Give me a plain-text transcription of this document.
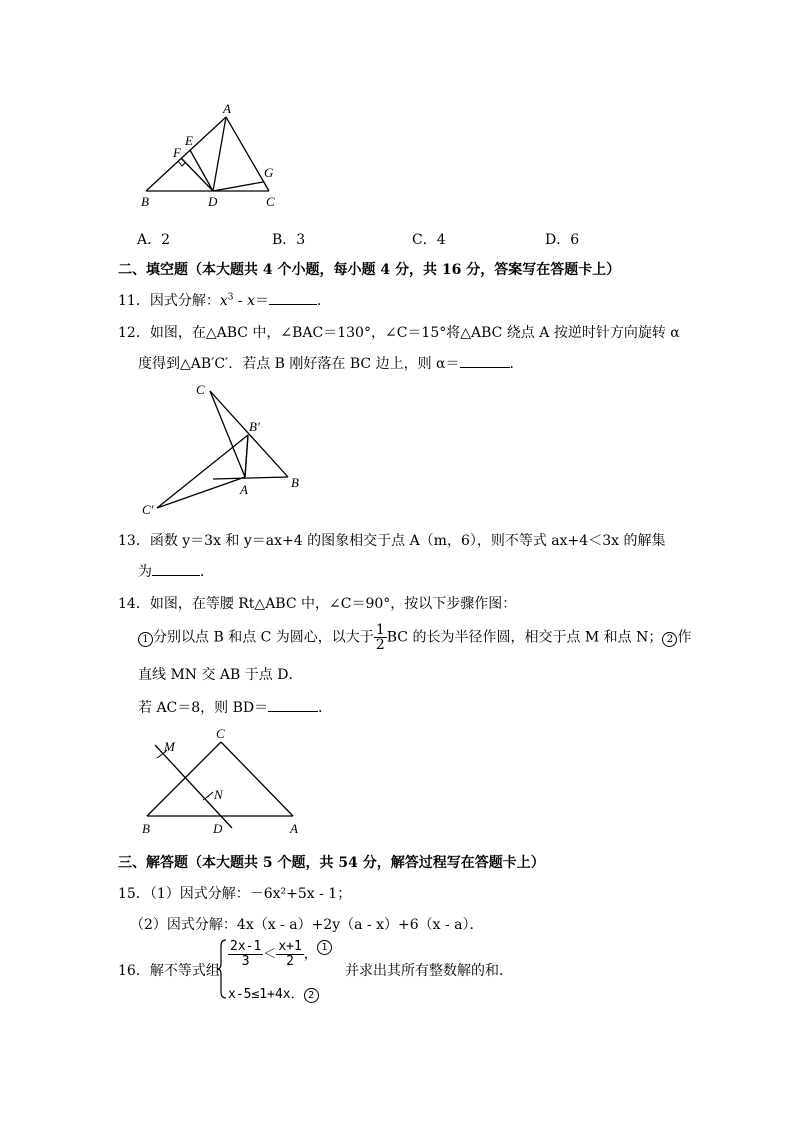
A
E
F
G
B	D	C
A．2	B．3	C．4	D．6
二、填空题（本大题共 4 个小题，每小题 4 分，共 16 分，答案写在答题卡上）
11．因式分解：$x^3 - x=$	．
12．如图，在△ABC 中，∠BAC＝130°，∠C＝15°将△ABC 绕点 A 按逆时针方向旋转 α
度得到△AB′C′．若点 B 刚好落在 BC 边上，则 α＝	．
C
B′
A	B
C′
13．函数 y＝3x 和 y＝ax+4 的图象相交于点 A（m，6），则不等式 ax+4＜3x 的解集
为	．
14．如图，在等腰 Rt△ABC 中，∠C＝90°，按以下步骤作图：
1 分别以点 B 和点 C 为圆心，以大于 $\frac{1}{2}$ BC 的长为半径作圆，相交于点 M 和点 N； 2 作
直线 MN 交 AB 于点 D．
若 AC＝8，则 BD＝	．
C
M
N
B	D	A
三、解答题（本大题共 5 个题，共 54 分，解答过程写在答题卡上）
15．（1）因式分解：－6x²+5x - 1；
（2）因式分解：4x（x - a）+2y（a - x）+6（x - a）．
16．解不等式组
$\frac{2x-1}{3} < \frac{x+1}{2}$ ， 1
x-5≤1+4x． 2
并求出其所有整数解的和．
